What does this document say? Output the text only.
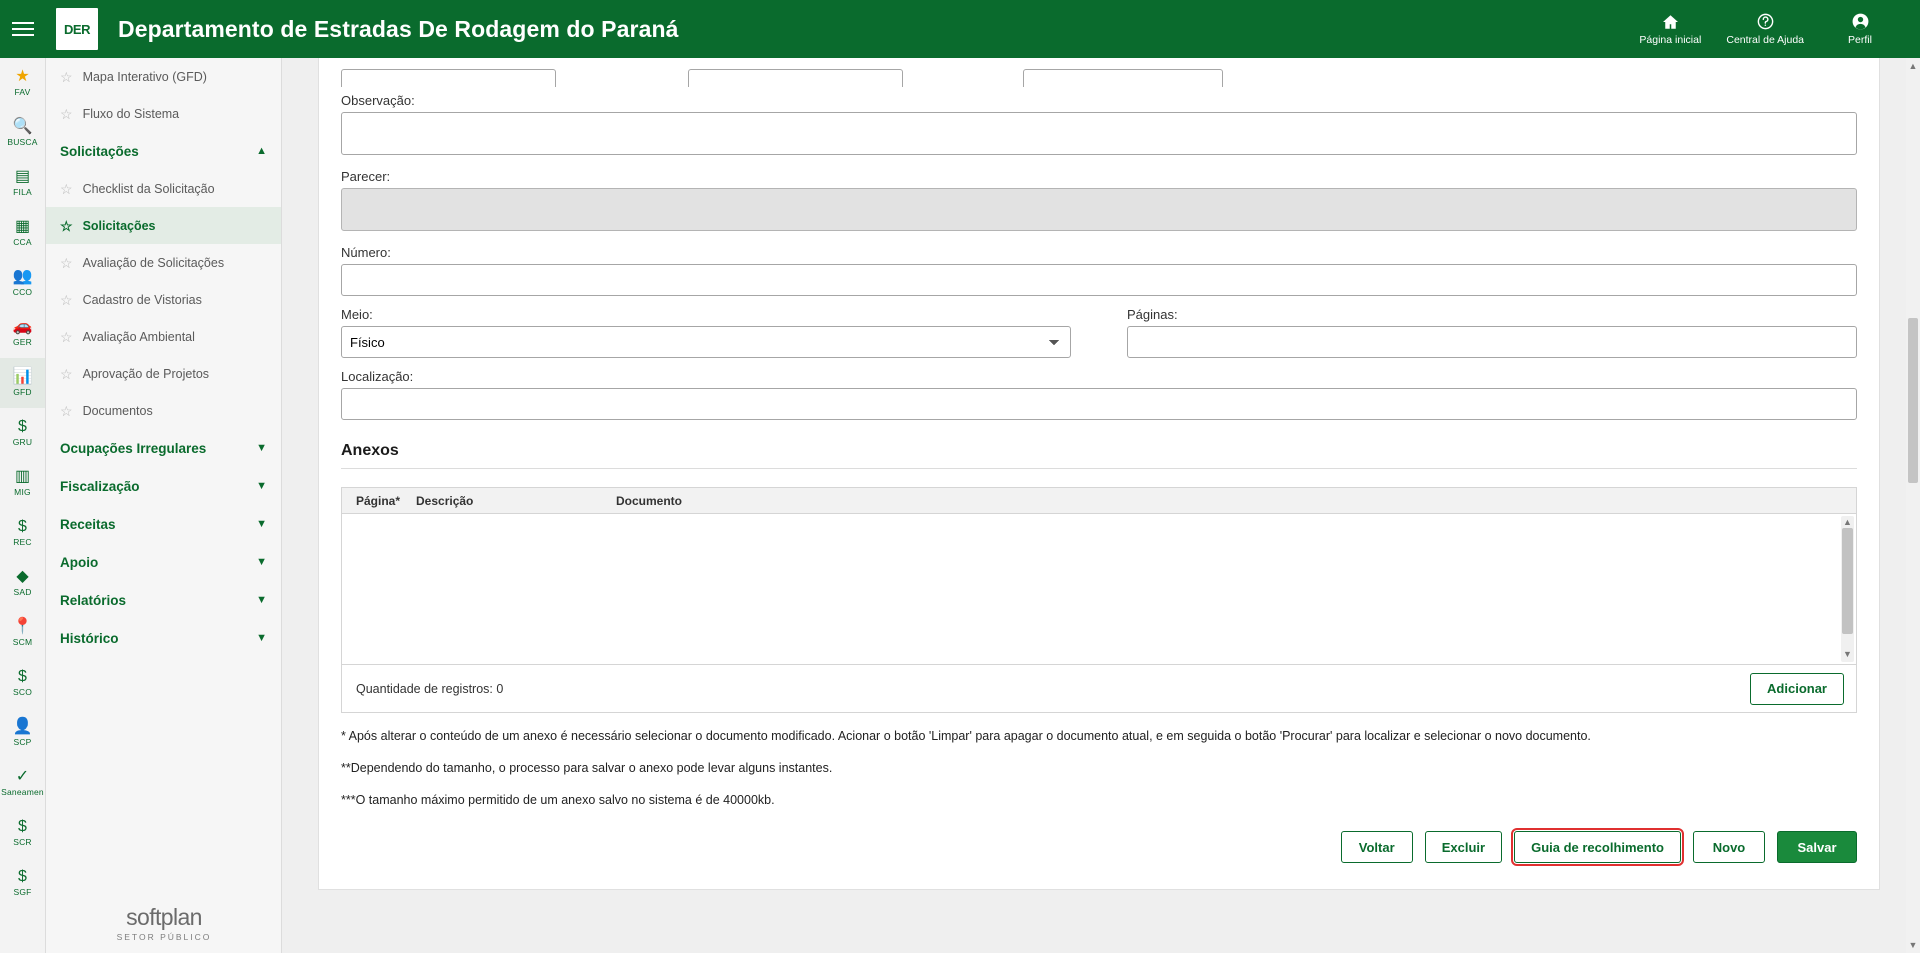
DER Departamento de Estradas De Rodagem do Paraná	Página inicial Central de Ajuda	Perfil
★
FAV
🔍
BUSCA
▤
FILA
▦
CCA
👥
CCO
🚗
GER
📊
GFD
$
GRU
▥
MIG
$
REC
◆
SAD
📍
SCM
$
SCO
👤
SCP
✓
Saneamen
$
SCR
$
SGF
☆ Mapa Interativo (GFD)
☆ Fluxo do Sistema
Solicitações	▲
☆ Checklist da Solicitação
☆ Solicitações
☆ Avaliação de Solicitações
☆ Cadastro de Vistorias
☆ Avaliação Ambiental
☆ Aprovação de Projetos
☆ Documentos
Ocupações Irregulares	▼
Fiscalização	▼
Receitas	▼
Apoio	▼
Relatórios	▼
Histórico	▼
softplan
SETOR PÚBLICO
Observação:
Parecer:
Número:
Meio:
Físico	Páginas:
Localização:
Anexos
Página*	Descrição	Documento
▲
▼
Quantidade de registros: 0	Adicionar
* Após alterar o conteúdo de um anexo é necessário selecionar o documento modificado. Acionar o botão 'Limpar' para apagar o documento atual, e em seguida o botão 'Procurar' para localizar e selecionar o novo documento.
**Dependendo do tamanho, o processo para salvar o anexo pode levar alguns instantes.
***O tamanho máximo permitido de um anexo salvo no sistema é de 40000kb.
Voltar	Excluir	Guia de recolhimento	Novo	Salvar
▲
▼
